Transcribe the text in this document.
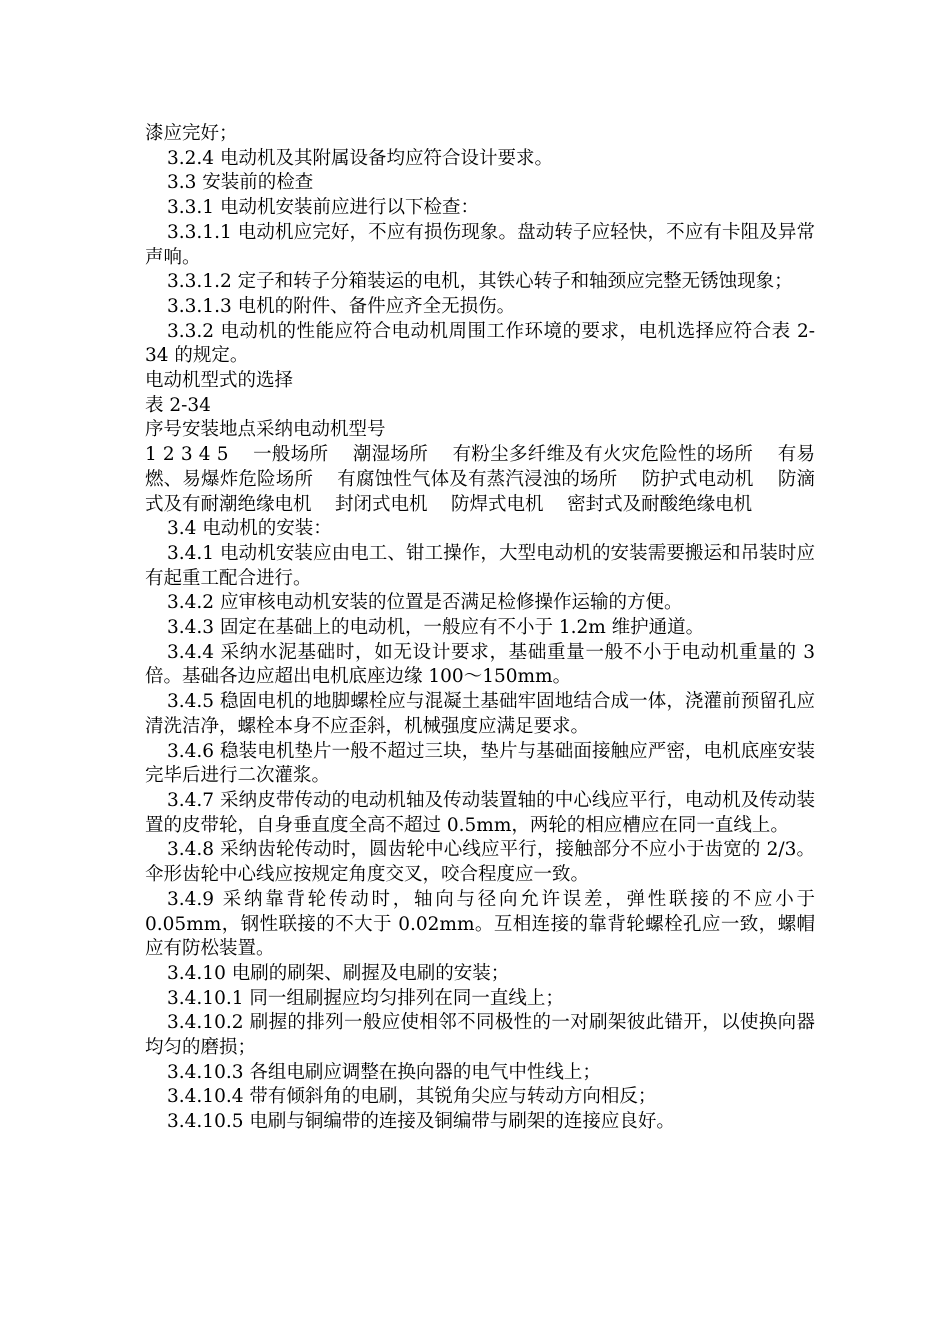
漆应完好；

3.2.4 电动机及其附属设备均应符合设计要求。

3.3 安装前的检查

3.3.1 电动机安装前应进行以下检查：

3.3.1.1 电动机应完好，不应有损伤现象。盘动转子应轻快，不应有卡阻及异常声响。

3.3.1.2 定子和转子分箱装运的电机，其铁心转子和轴颈应完整无锈蚀现象；

3.3.1.3 电机的附件、备件应齐全无损伤。

3.3.2 电动机的性能应符合电动机周围工作环境的要求，电机选择应符合表 2-34 的规定。

电动机型式的选择

表 2-34

序号安装地点采纳电动机型号

1 2 3 4 5    一般场所    潮湿场所    有粉尘多纤维及有火灾危险性的场所    有易燃、易爆炸危险场所    有腐蚀性气体及有蒸汽浸浊的场所    防护式电动机    防滴式及有耐潮绝缘电机    封闭式电机    防焊式电机    密封式及耐酸绝缘电机

3.4 电动机的安装：

3.4.1 电动机安装应由电工、钳工操作，大型电动机的安装需要搬运和吊装时应有起重工配合进行。

3.4.2 应审核电动机安装的位置是否满足检修操作运输的方便。

3.4.3 固定在基础上的电动机，一般应有不小于 1.2m 维护通道。

3.4.4 采纳水泥基础时，如无设计要求，基础重量一般不小于电动机重量的 3 倍。基础各边应超出电机底座边缘 100～150mm。

3.4.5 稳固电机的地脚螺栓应与混凝土基础牢固地结合成一体，浇灌前预留孔应清洗洁净，螺栓本身不应歪斜，机械强度应满足要求。

3.4.6 稳装电机垫片一般不超过三块，垫片与基础面接触应严密，电机底座安装完毕后进行二次灌浆。

3.4.7 采纳皮带传动的电动机轴及传动装置轴的中心线应平行，电动机及传动装置的皮带轮，自身垂直度全高不超过 0.5mm，两轮的相应槽应在同一直线上。

3.4.8 采纳齿轮传动时，圆齿轮中心线应平行，接触部分不应小于齿宽的 2/3。伞形齿轮中心线应按规定角度交叉，咬合程度应一致。

3.4.9 采纳靠背轮传动时，轴向与径向允许误差，弹性联接的不应小于 0.05mm，钢性联接的不大于 0.02mm。互相连接的靠背轮螺栓孔应一致，螺帽应有防松装置。

3.4.10 电刷的刷架、刷握及电刷的安装；

3.4.10.1 同一组刷握应均匀排列在同一直线上；

3.4.10.2 刷握的排列一般应使相邻不同极性的一对刷架彼此错开，以使换向器均匀的磨损；

3.4.10.3 各组电刷应调整在换向器的电气中性线上；

3.4.10.4 带有倾斜角的电刷，其锐角尖应与转动方向相反；

3.4.10.5 电刷与铜编带的连接及铜编带与刷架的连接应良好。
